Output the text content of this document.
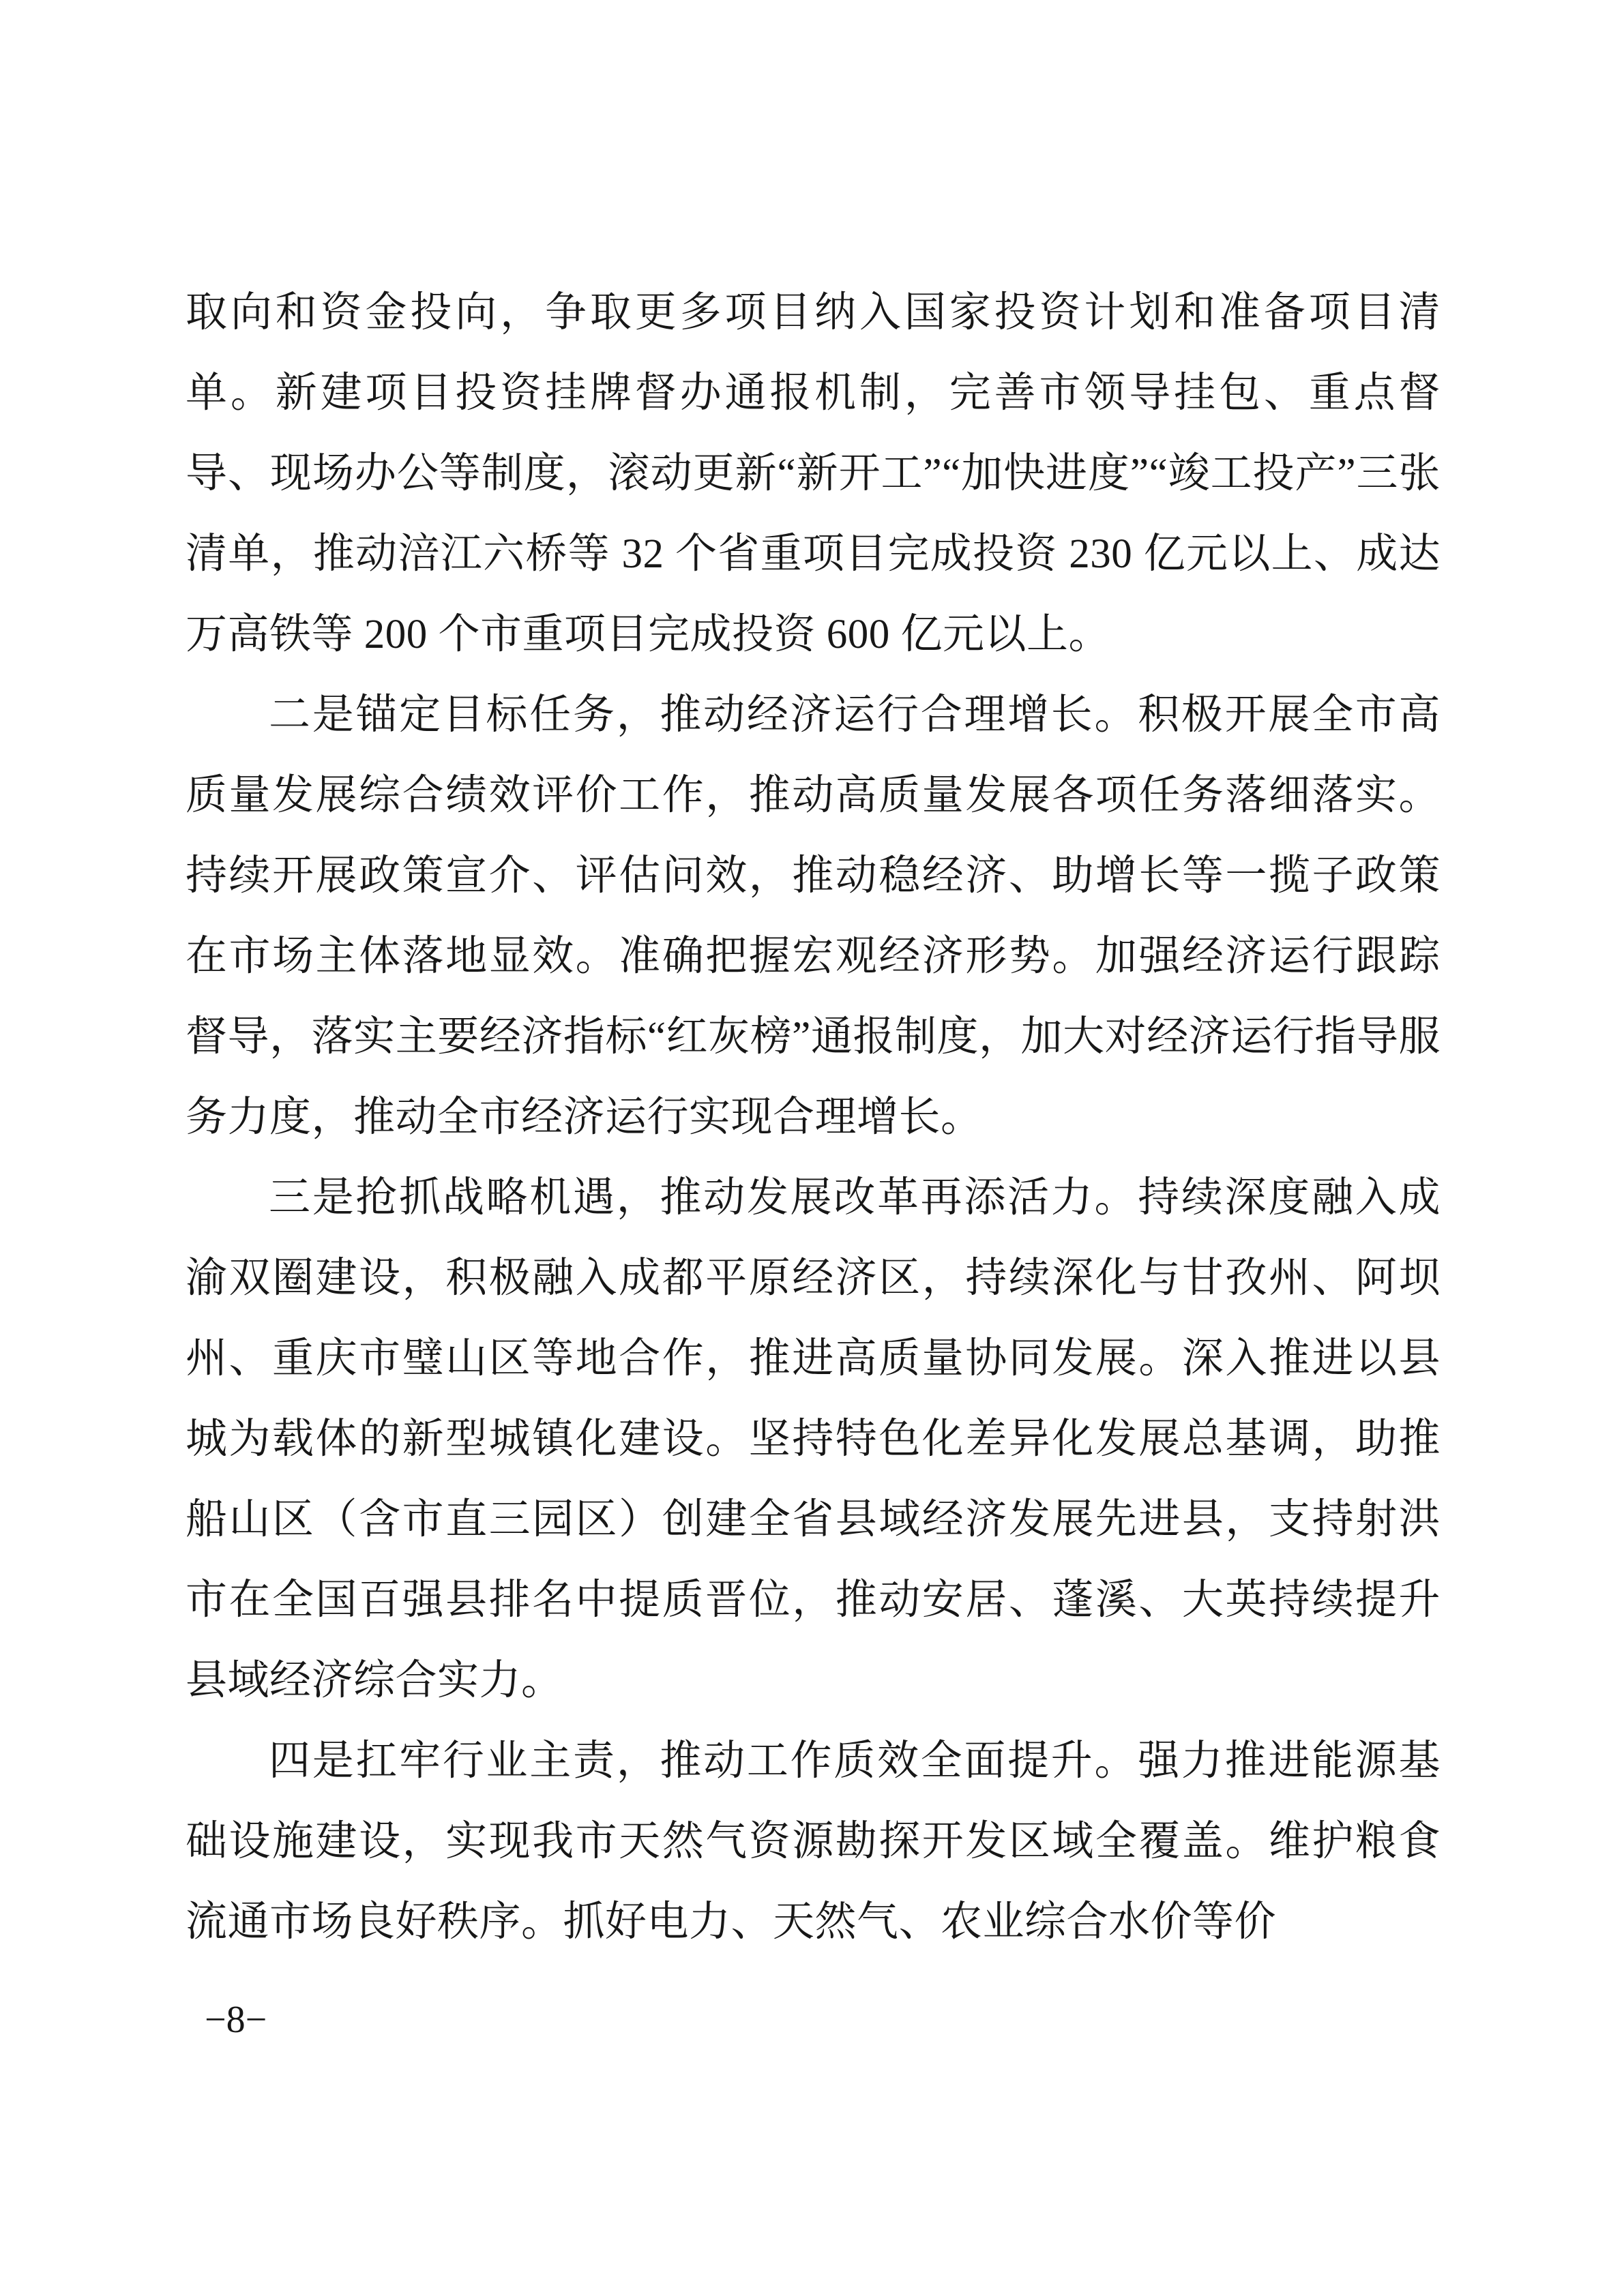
取向和资金投向，争取更多项目纳入国家投资计划和准备项目清单。新建项目投资挂牌督办通报机制，完善市领导挂包、重点督导、现场办公等制度，滚动更新“新开工”“加快进度”“竣工投产”三张清单，推动涪江六桥等 32 个省重项目完成投资 230 亿元以上、成达万高铁等 200 个市重项目完成投资 600 亿元以上。

二是锚定目标任务，推动经济运行合理增长。积极开展全市高质量发展综合绩效评价工作，推动高质量发展各项任务落细落实。持续开展政策宣介、评估问效，推动稳经济、助增长等一揽子政策在市场主体落地显效。准确把握宏观经济形势。加强经济运行跟踪督导，落实主要经济指标“红灰榜”通报制度，加大对经济运行指导服务力度，推动全市经济运行实现合理增长。

三是抢抓战略机遇，推动发展改革再添活力。持续深度融入成渝双圈建设，积极融入成都平原经济区，持续深化与甘孜州、阿坝州、重庆市璧山区等地合作，推进高质量协同发展。深入推进以县城为载体的新型城镇化建设。坚持特色化差异化发展总基调，助推船山区（含市直三园区）创建全省县域经济发展先进县，支持射洪市在全国百强县排名中提质晋位，推动安居、蓬溪、大英持续提升县域经济综合实力。

四是扛牢行业主责，推动工作质效全面提升。强力推进能源基础设施建设，实现我市天然气资源勘探开发区域全覆盖。维护粮食流通市场良好秩序。抓好电力、天然气、农业综合水价等价

−8−
